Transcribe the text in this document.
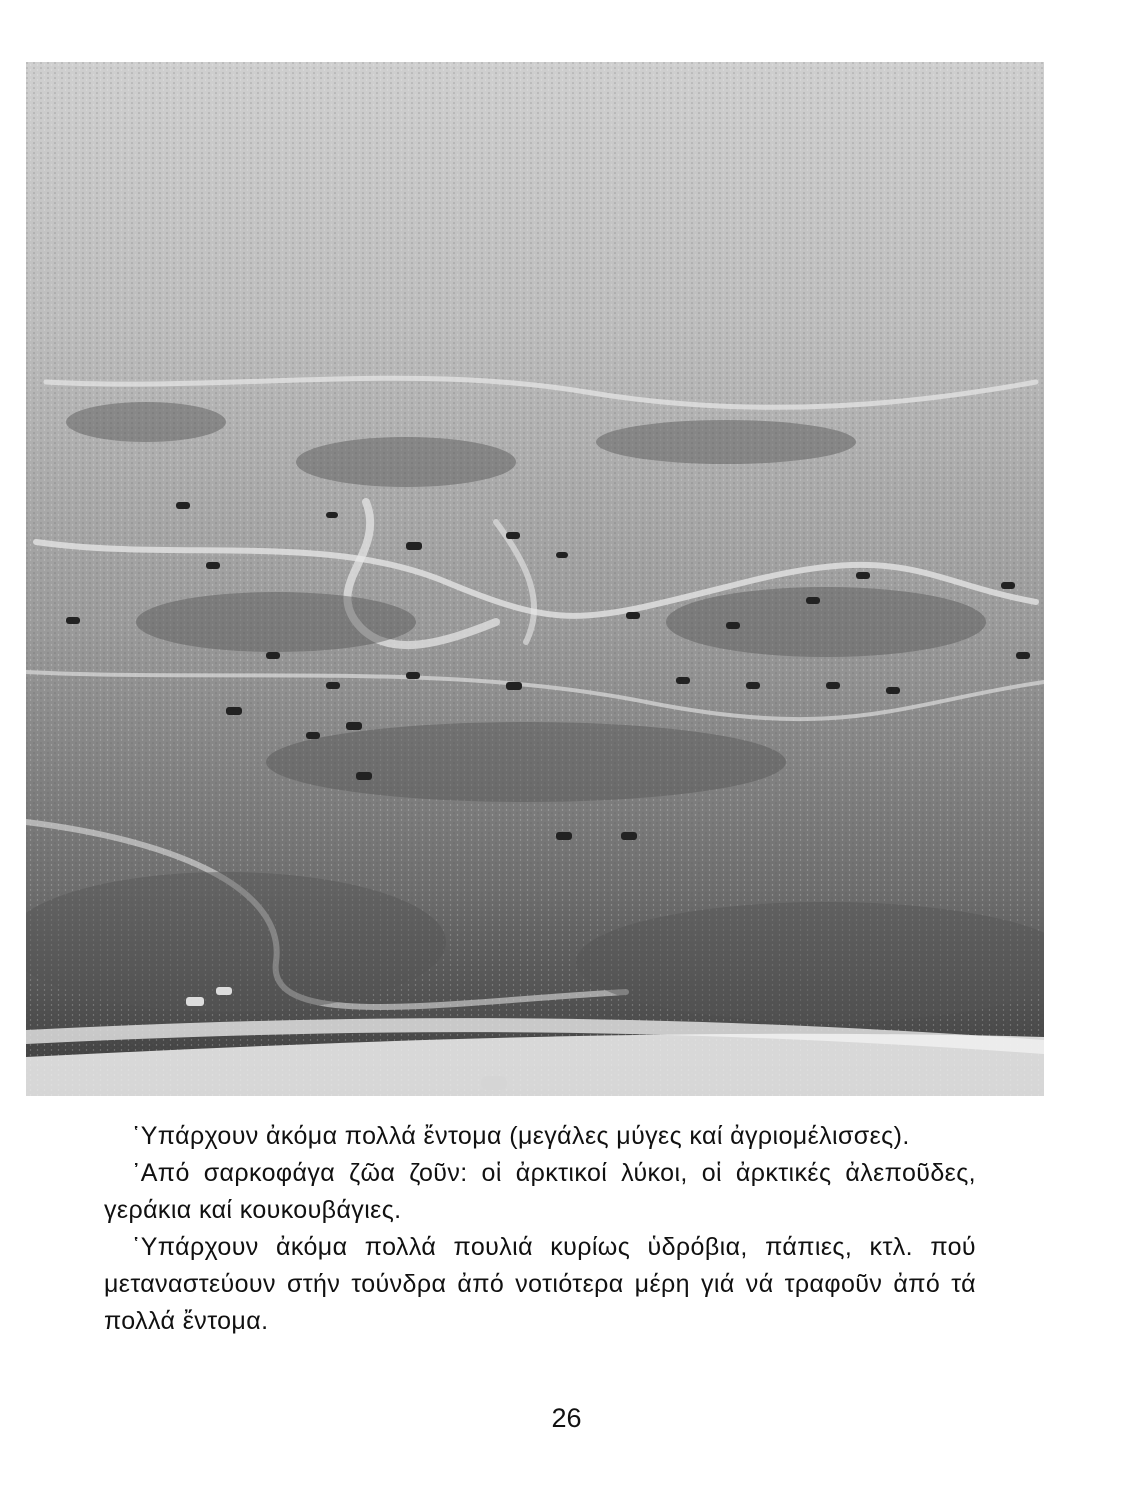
῾Υπάρχουν ἀκόμα πολλά ἔντομα (μεγάλες μύγες καί ἀγριομέλισσες).

᾿Από σαρκοφάγα ζῶα ζοῦν: οἱ ἀρκτικοί λύκοι, οἱ ἀρκτικές ἀλεποῦδες, γεράκια καί κουκουβάγιες.

῾Υπάρχουν ἀκόμα πολλά πουλιά κυρίως ὑδρόβια, πάπιες, κτλ. πού μεταναστεύουν στήν τούνδρα ἀπό νοτιότερα μέρη γιά νά τραφοῦν ἀπό τά πολλά ἔντομα.

26
